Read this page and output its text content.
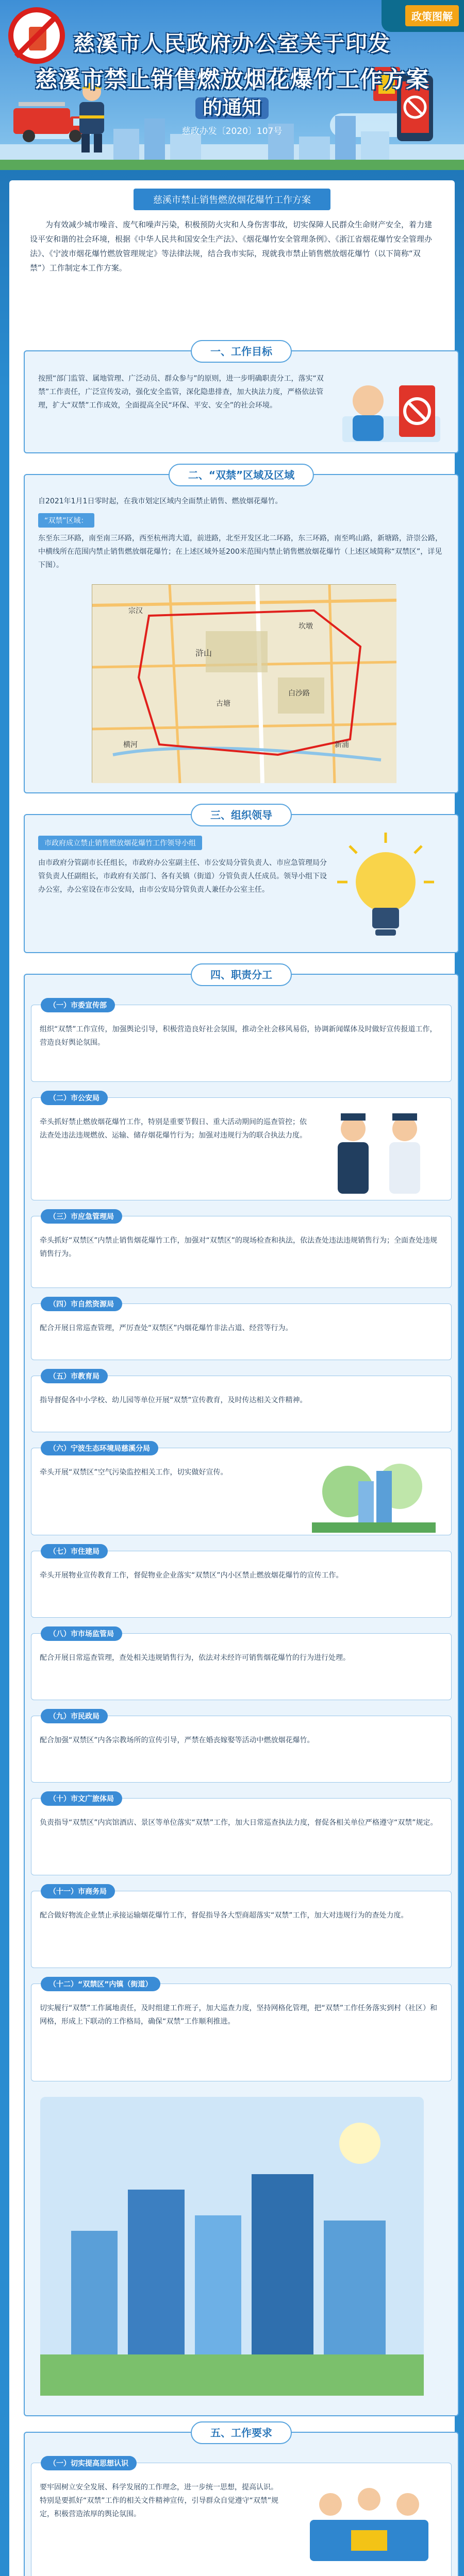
政策图解
慈溪市人民政府办公室关于印发
慈溪市禁止销售燃放烟花爆竹工作方案
的通知
慈政办发〔2020〕107号
慈溪市禁止销售燃放烟花爆竹工作方案
为有效减少城市噪音、废气和噪声污染，积极预防火灾和人身伤害事故，切实保障人民群众生命财产安全，着力建设平安和谐的社会环境，根据《中华人民共和国安全生产法》、《烟花爆竹安全管理条例》、《浙江省烟花爆竹安全管理办法》、《宁波市烟花爆竹燃放管理规定》等法律法规，结合我市实际，现就我市禁止销售燃放烟花爆竹（以下简称“双禁”）工作制定本工作方案。
一、工作目标
按照“部门监管、属地管理、广泛动员、群众参与”的原则，进一步明确职责分工，落实“双禁”工作责任，广泛宣传发动，强化安全监管，深化隐患排查，加大执法力度，严格依法管理，扩大“双禁”工作成效，全面提高全民“环保、平安、安全”的社会环境。
二、“双禁”区域及区域
自2021年1月1日零时起，在我市划定区域内全面禁止销售、燃放烟花爆竹。
“双禁”区域：
东至东三环路，南至南三环路，西至杭州湾大道，前进路，北至开发区北二环路，东三环路，南至鸣山路，新塘路，浒崇公路，中横线所在范围内禁止销售燃放烟花爆竹；在上述区域外延200米范围内禁止销售燃放烟花爆竹（上述区域简称“双禁区”，详见下图）。
浒山
宗汉
坎墩
古塘
白沙路
新浦
横河
三、组织领导
市政府成立禁止销售燃放烟花爆竹工作领导小组
由市政府分管副市长任组长，市政府办公室副主任、市公安局分管负责人、市应急管理局分管负责人任副组长，市政府有关部门、各有关镇（街道）分管负责人任成员。领导小组下设办公室，办公室设在市公安局，由市公安局分管负责人兼任办公室主任。
四、职责分工
（一）市委宣传部
组织“双禁”工作宣传，加强舆论引导，积极营造良好社会氛围，推动全社会移风易俗，协调新闻媒体及时做好宣传报道工作，营造良好舆论氛围。
（二）市公安局
牵头抓好禁止燃放烟花爆竹工作，特别是重要节假日、重大活动期间的巡查管控；依法查处违法违规燃放、运输、储存烟花爆竹行为；加强对违规行为的联合执法力度。
（三）市应急管理局
牵头抓好“双禁区”内禁止销售烟花爆竹工作，加强对“双禁区”的现场检查和执法，依法查处违法违规销售行为；全面查处违规销售行为。
（四）市自然资源局
配合开展日常巡查管理，严厉查处“双禁区”内烟花爆竹非法占道、经营等行为。
（五）市教育局
指导督促各中小学校、幼儿园等单位开展“双禁”宣传教育，及时传达相关文件精神。
（六）宁波生态环境局慈溪分局
牵头开展“双禁区”空气污染监控相关工作，切实做好宣传。
（七）市住建局
牵头开展物业宣传教育工作，督促物业企业落实“双禁区”内小区禁止燃放烟花爆竹的宣传工作。
（八）市市场监管局
配合开展日常巡查管理，查处相关违规销售行为，依法对未经许可销售烟花爆竹的行为进行处理。
（九）市民政局
配合加强“双禁区”内各宗教场所的宣传引导，严禁在婚丧嫁娶等活动中燃放烟花爆竹。
（十）市文广旅体局
负责指导“双禁区”内宾馆酒店、景区等单位落实“双禁”工作，加大日常巡查执法力度，督促各相关单位严格遵守“双禁”规定。
（十一）市商务局
配合做好物流企业禁止承接运输烟花爆竹工作，督促指导各大型商超落实“双禁”工作，加大对违规行为的查处力度。
（十二）“双禁区”内镇（街道）
切实履行“双禁”工作属地责任，及时组建工作班子，加大巡查力度，坚持网格化管理，把“双禁”工作任务落实到村（社区）和网格，形成上下联动的工作格局，确保“双禁”工作顺利推进。
五、工作要求
（一）切实提高思想认识
要牢固树立安全发展、科学发展的工作理念，进一步统一思想，提高认识。特别是要抓好“双禁”工作的相关文件精神宣传，引导群众自觉遵守“双禁”规定，积极营造浓厚的舆论氛围。
